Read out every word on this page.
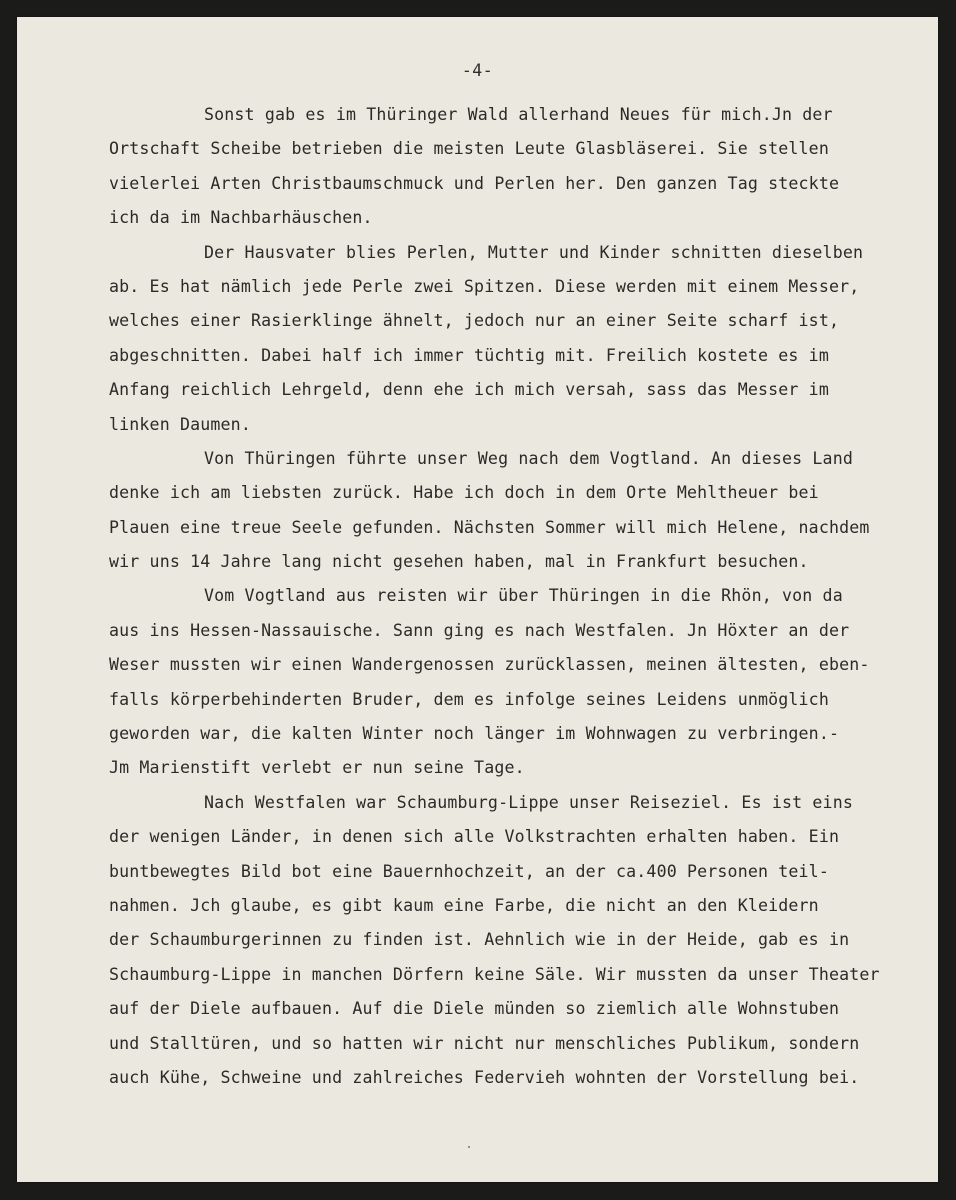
-4-
Sonst gab es im Thüringer Wald allerhand Neues für mich.Jn der
Ortschaft Scheibe betrieben die meisten Leute Glasbläserei. Sie stellen
vielerlei Arten Christbaumschmuck und Perlen her. Den ganzen Tag steckte
ich da im Nachbarhäuschen.
Der Hausvater blies Perlen, Mutter und Kinder schnitten dieselben
ab. Es hat nämlich jede Perle zwei Spitzen. Diese werden mit einem Messer,
welches einer Rasierklinge ähnelt, jedoch nur an einer Seite scharf ist,
abgeschnitten. Dabei half ich immer tüchtig mit. Freilich kostete es im
Anfang reichlich Lehrgeld, denn ehe ich mich versah, sass das Messer im
linken Daumen.
Von Thüringen führte unser Weg nach dem Vogtland. An dieses Land
denke ich am liebsten zurück. Habe ich doch in dem Orte Mehltheuer bei
Plauen eine treue Seele gefunden. Nächsten Sommer will mich Helene, nachdem
wir uns 14 Jahre lang nicht gesehen haben, mal in Frankfurt besuchen.
Vom Vogtland aus reisten wir über Thüringen in die Rhön, von da
aus ins Hessen-Nassauische. Sann ging es nach Westfalen. Jn Höxter an der
Weser mussten wir einen Wandergenossen zurücklassen, meinen ältesten, eben-
falls körperbehinderten Bruder, dem es infolge seines Leidens unmöglich
geworden war, die kalten Winter noch länger im Wohnwagen zu verbringen.-
Jm Marienstift verlebt er nun seine Tage.
Nach Westfalen war Schaumburg-Lippe unser Reiseziel. Es ist eins
der wenigen Länder, in denen sich alle Volkstrachten erhalten haben. Ein
buntbewegtes Bild bot eine Bauernhochzeit, an der ca.400 Personen teil-
nahmen. Jch glaube, es gibt kaum eine Farbe, die nicht an den Kleidern
der Schaumburgerinnen zu finden ist. Aehnlich wie in der Heide, gab es in
Schaumburg-Lippe in manchen Dörfern keine Säle. Wir mussten da unser Theater
auf der Diele aufbauen. Auf die Diele münden so ziemlich alle Wohnstuben
und Stalltüren, und so hatten wir nicht nur menschliches Publikum, sondern
auch Kühe, Schweine und zahlreiches Federvieh wohnten der Vorstellung bei.
